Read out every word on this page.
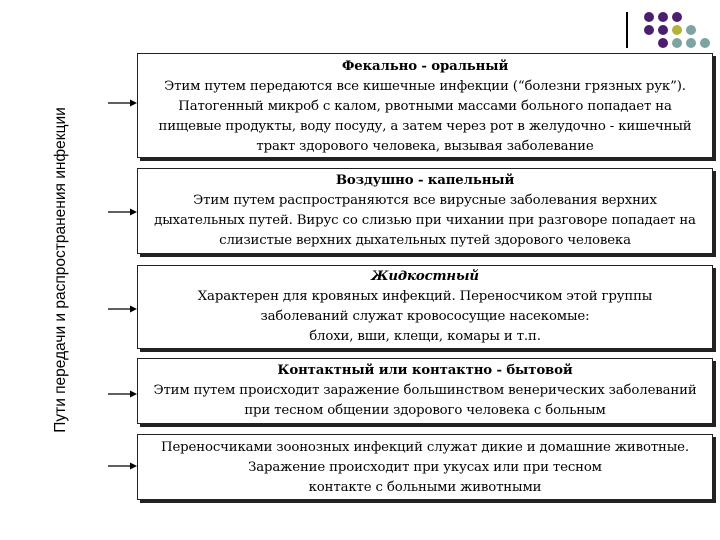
Пути передачи и распространения инфекции
Фекально - оральный
Этим путем передаются все кишечные инфекции (“болезни грязных рук”).
Патогенный микроб с калом, рвотными массами больного попадает на
пищевые продукты, воду посуду, а затем через рот в желудочно - кишечный
тракт здорового человека, вызывая заболевание
Воздушно - капельный
Этим путем распространяются все вирусные заболевания верхних
дыхательных путей. Вирус со слизью при чихании при разговоре попадает на
слизистые верхних дыхательных путей здорового человека
Жидкостный
Характерен для кровяных инфекций. Переносчиком этой группы
заболеваний служат кровососущие насекомые:
блохи, вши, клещи, комары и т.п.
Контактный или контактно - бытовой
Этим путем происходит заражение большинством венерических заболеваний
при тесном общении здорового человека с больным
Переносчиками зоонозных инфекций служат дикие и домашние животные.
Заражение происходит при укусах или при тесном
контакте с больными животными
